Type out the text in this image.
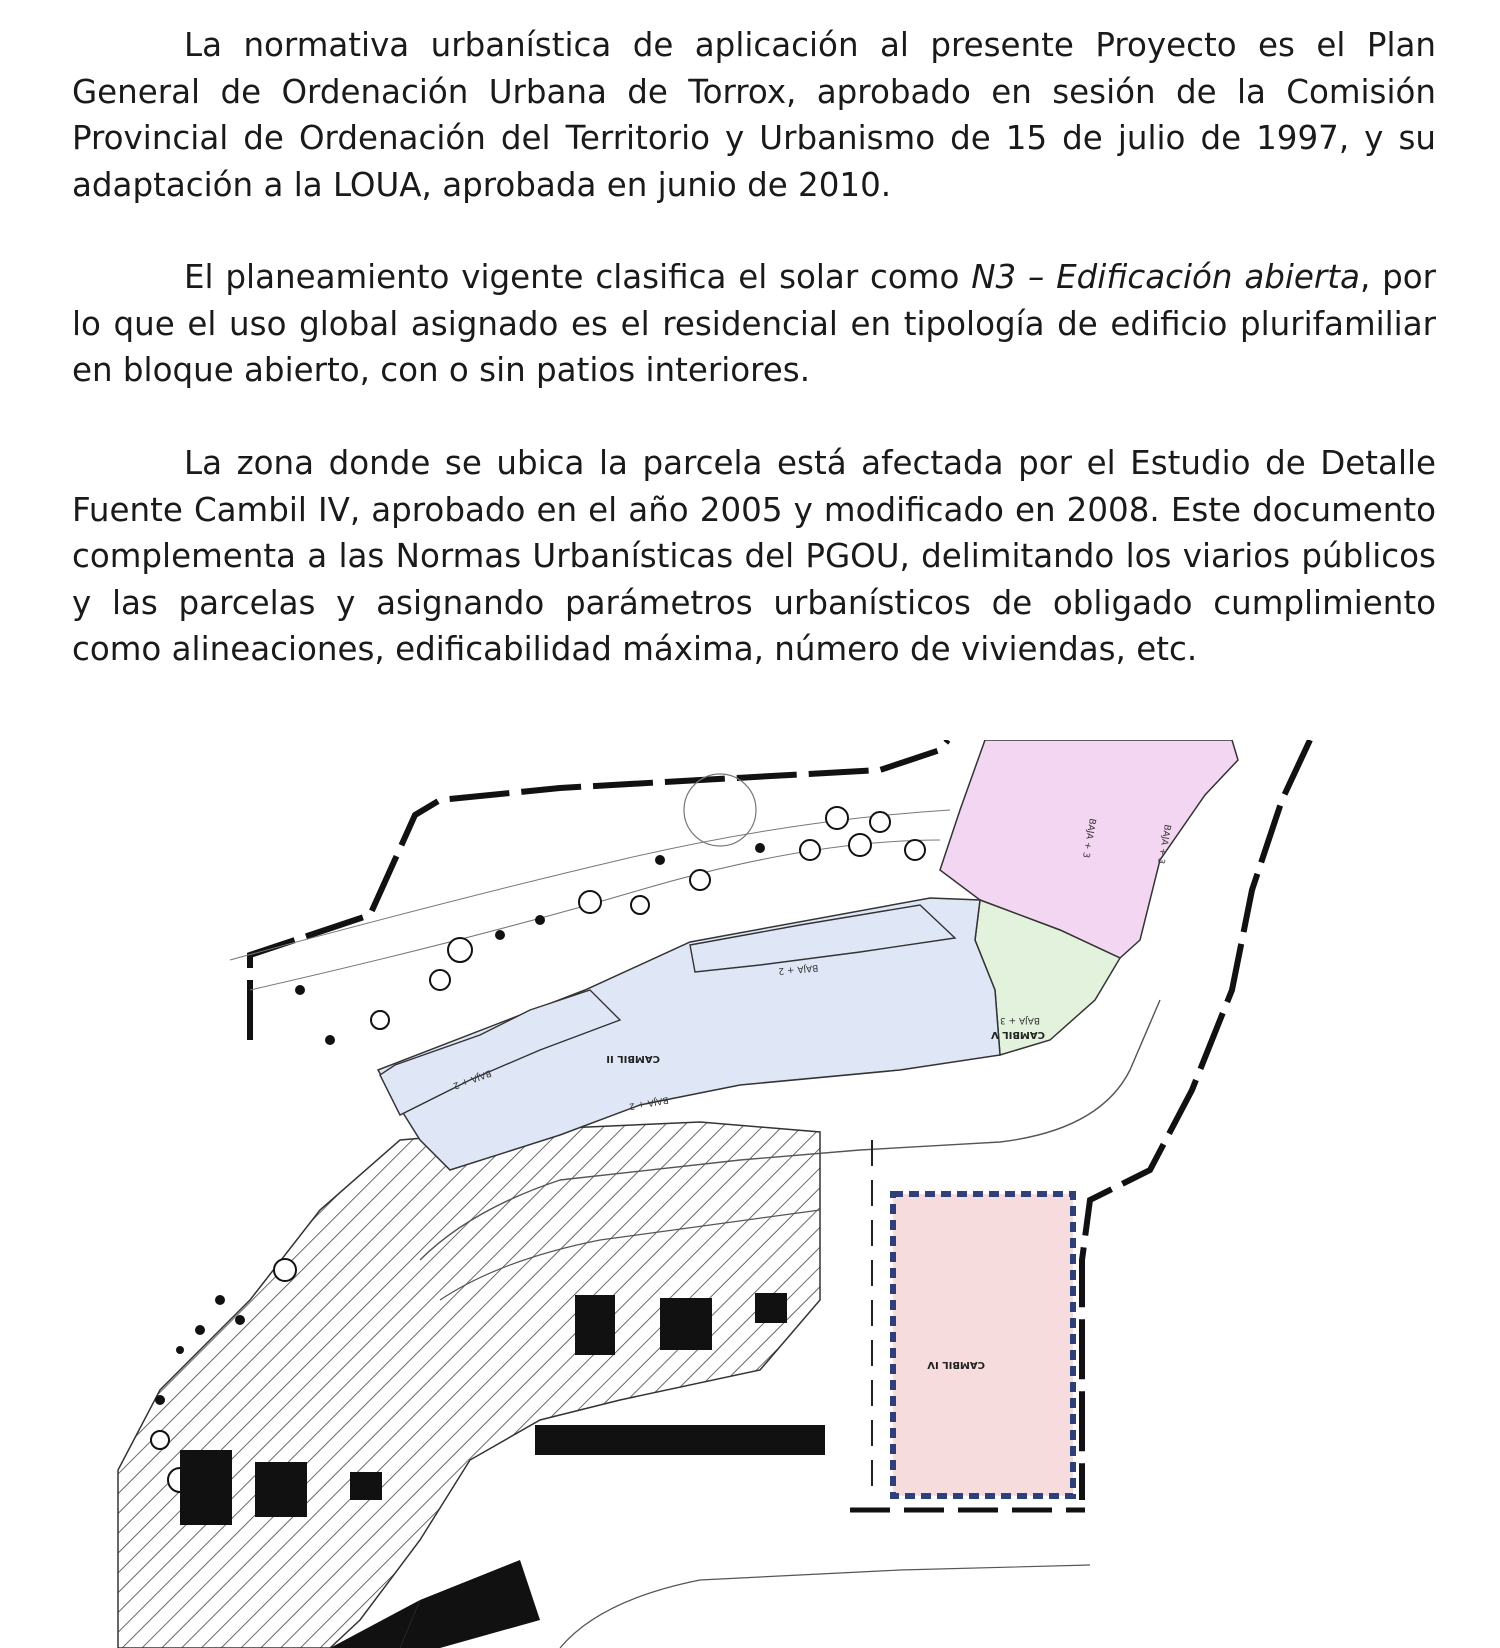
La normativa urbanística de aplicación al presente Proyecto es el Plan General de Ordenación Urbana de Torrox, aprobado en sesión de la Comisión Provincial de Ordenación del Territorio y Urbanismo de 15 de julio de 1997, y su adaptación a la LOUA, aprobada en junio de 2010.

El planeamiento vigente clasifica el solar como N3 – Edificación abierta, por lo que el uso global asignado es el residencial en tipología de edificio plurifamiliar en bloque abierto, con o sin patios interiores.

La zona donde se ubica la parcela está afectada por el Estudio de Detalle Fuente Cambil IV, aprobado en el año 2005 y modificado en 2008. Este documento complementa a las Normas Urbanísticas del PGOU, delimitando los viarios públicos y las parcelas y asignando parámetros urbanísticos de obligado cumplimiento como alineaciones, edificabilidad máxima, número de viviendas, etc.

CAMBIL II
CAMBIL IV
CAMBIL V
BAJA + 2
BAJA + 2
BAJA + 2
BAJA + 3
BAJA + 3	BAJA + 3
